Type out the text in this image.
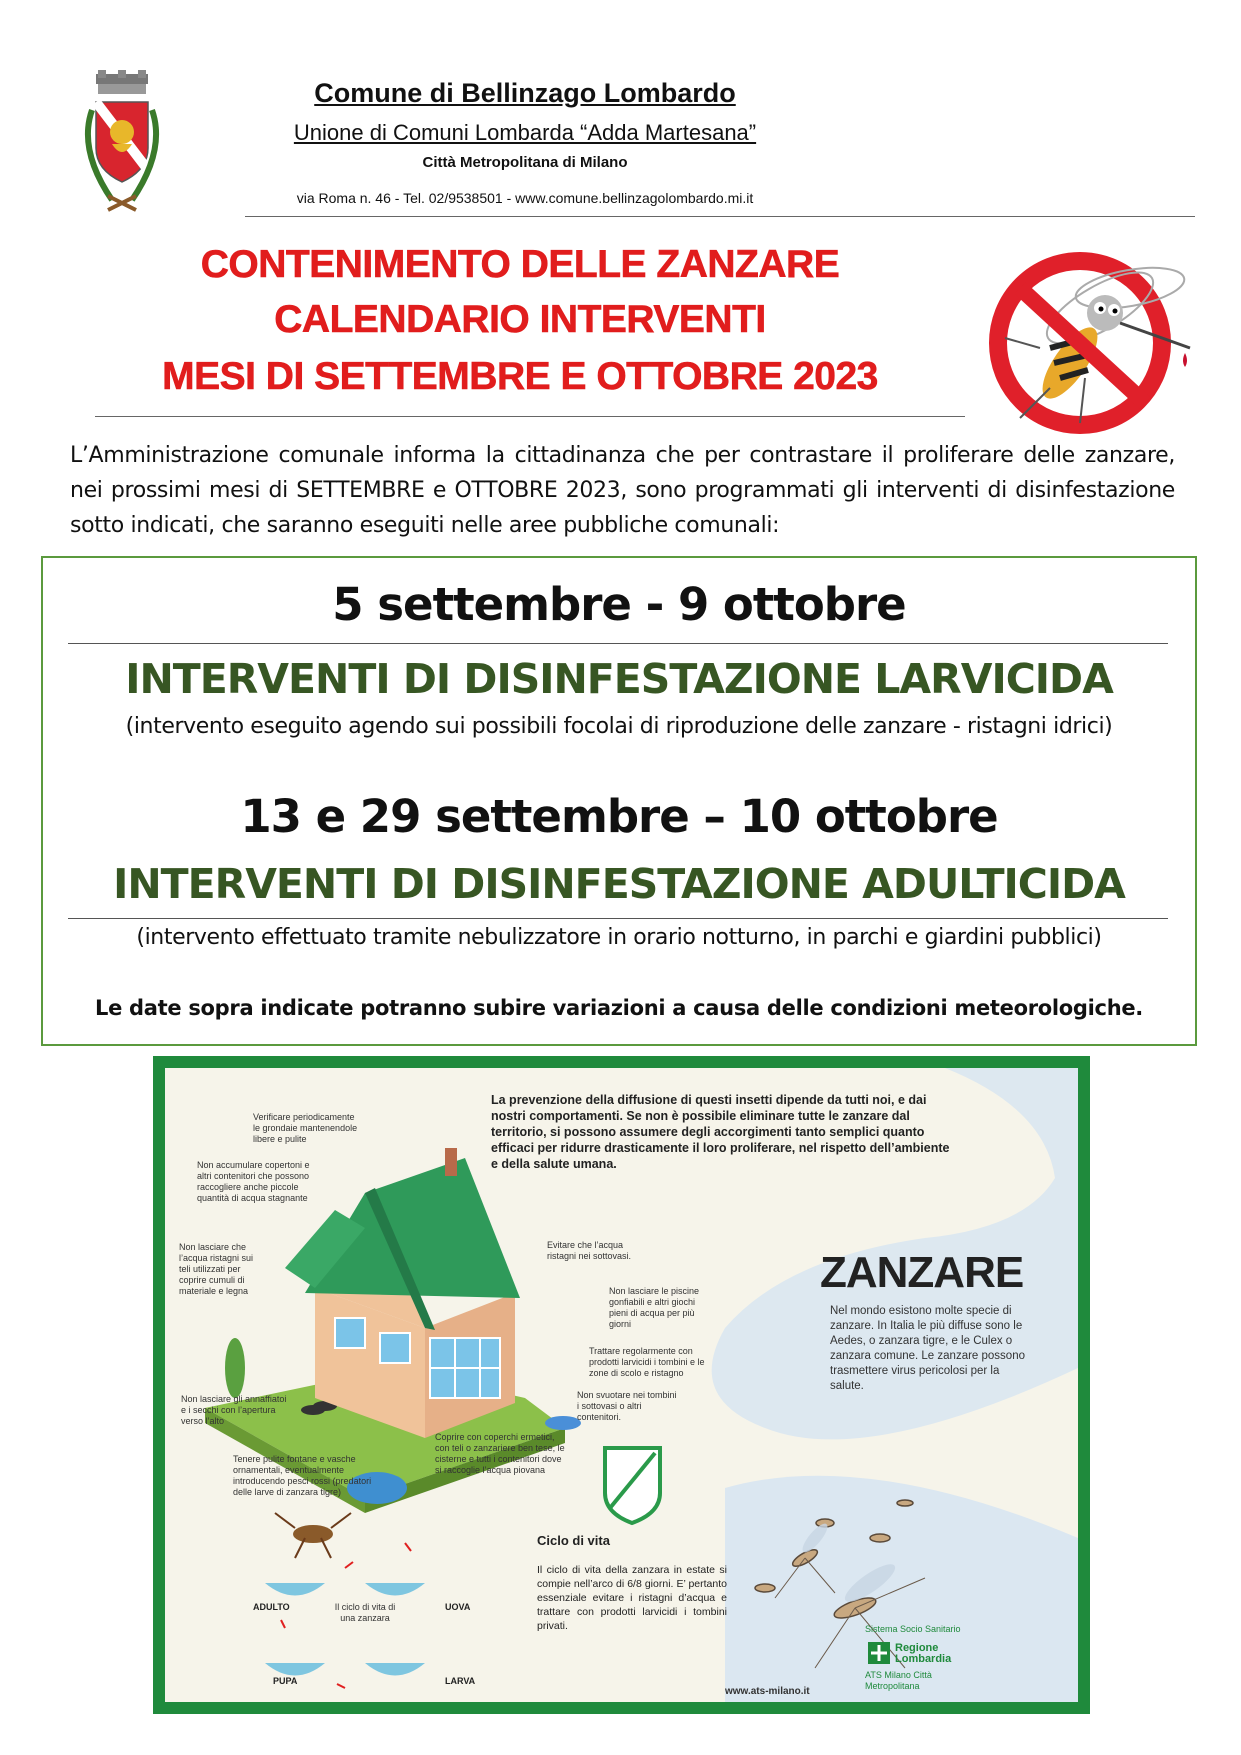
Comune di Bellinzago Lombardo
Unione di Comuni Lombarda “Adda Martesana”
Città Metropolitana di Milano
via Roma n. 46 - Tel. 02/9538501 - www.comune.bellinzagolombardo.mi.it
CONTENIMENTO DELLE ZANZARE
CALENDARIO INTERVENTI
MESI DI SETTEMBRE E OTTOBRE 2023
L’Amministrazione comunale informa la cittadinanza che per contrastare il proliferare delle zanzare, nei prossimi mesi di SETTEMBRE e OTTOBRE 2023, sono programmati gli interventi di disinfestazione sotto indicati, che saranno eseguiti nelle aree pubbliche comunali:
5 settembre - 9 ottobre
INTERVENTI DI DISINFESTAZIONE LARVICIDA
(intervento eseguito agendo sui possibili focolai di riproduzione delle zanzare - ristagni idrici)
13 e 29 settembre – 10 ottobre
INTERVENTI DI DISINFESTAZIONE ADULTICIDA
(intervento effettuato tramite nebulizzatore in orario notturno, in parchi e giardini pubblici)
Le date sopra indicate potranno subire variazioni a causa delle condizioni meteorologiche.
La prevenzione della diffusione di questi insetti dipende da tutti noi, e dai nostri comportamenti. Se non è possibile eliminare tutte le zanzare dal territorio, si possono assumere degli accorgimenti tanto semplici quanto efficaci per ridurre drasticamente il loro proliferare, nel rispetto dell’ambiente e della salute umana.
Verificare periodicamente le grondaie mantenendole libere e pulite
Non accumulare copertoni e altri contenitori che possono raccogliere anche piccole quantità di acqua stagnante
Non lasciare che l’acqua ristagni sui teli utilizzati per coprire cumuli di materiale e legna
Non lasciare gli annaffiatoi e i secchi con l’apertura verso l’alto
Tenere pulite fontane e vasche ornamentali, eventualmente introducendo pesci rossi (predatori delle larve di zanzara tigre)
Evitare che l’acqua ristagni nei sottovasi.
Non lasciare le piscine gonfiabili e altri giochi pieni di acqua per più giorni
Trattare regolarmente con prodotti larvicidi i tombini e le zone di scolo e ristagno
Non svuotare nei tombini i sottovasi o altri contenitori.
Coprire con coperchi ermetici, con teli o zanzariere ben tese, le cisterne e tutti i contenitori dove si raccoglie l’acqua piovana
ZANZARE
Nel mondo esistono molte specie di zanzare. In Italia le più diffuse sono le Aedes, o zanzara tigre, e le Culex o zanzara comune. Le zanzare possono trasmettere virus pericolosi per la salute.
Ciclo di vita
Il ciclo di vita della zanzara in estate si compie nell’arco di 6/8 giorni. E’ pertanto essenziale evitare i ristagni d’acqua e trattare con prodotti larvicidi i tombini privati.
Il ciclo di vita di una zanzara
ADULTO	UOVA
LARVA
PUPA
Sistema Socio Sanitario
Regione Lombardia
ATS Milano Città Metropolitana
www.ats-milano.it
